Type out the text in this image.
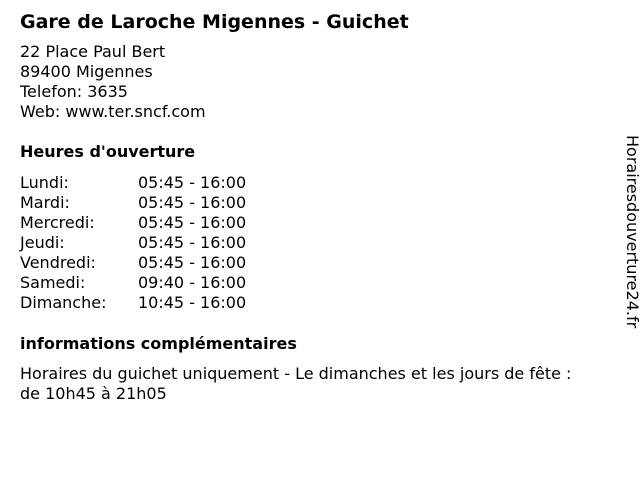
Gare de Laroche Migennes - Guichet
22 Place Paul Bert
89400 Migennes
Telefon: 3635
Web: www.ter.sncf.com
Heures d'ouverture
Lundi:	05:45 - 16:00
Mardi:	05:45 - 16:00
Mercredi:	05:45 - 16:00
Jeudi:	05:45 - 16:00
Vendredi:	05:45 - 16:00
Samedi:	09:40 - 16:00
Dimanche:	10:45 - 16:00
informations complémentaires
Horaires du guichet uniquement - Le dimanches et les jours de fête :
de 10h45 à 21h05
Horairesdouverture24.fr
